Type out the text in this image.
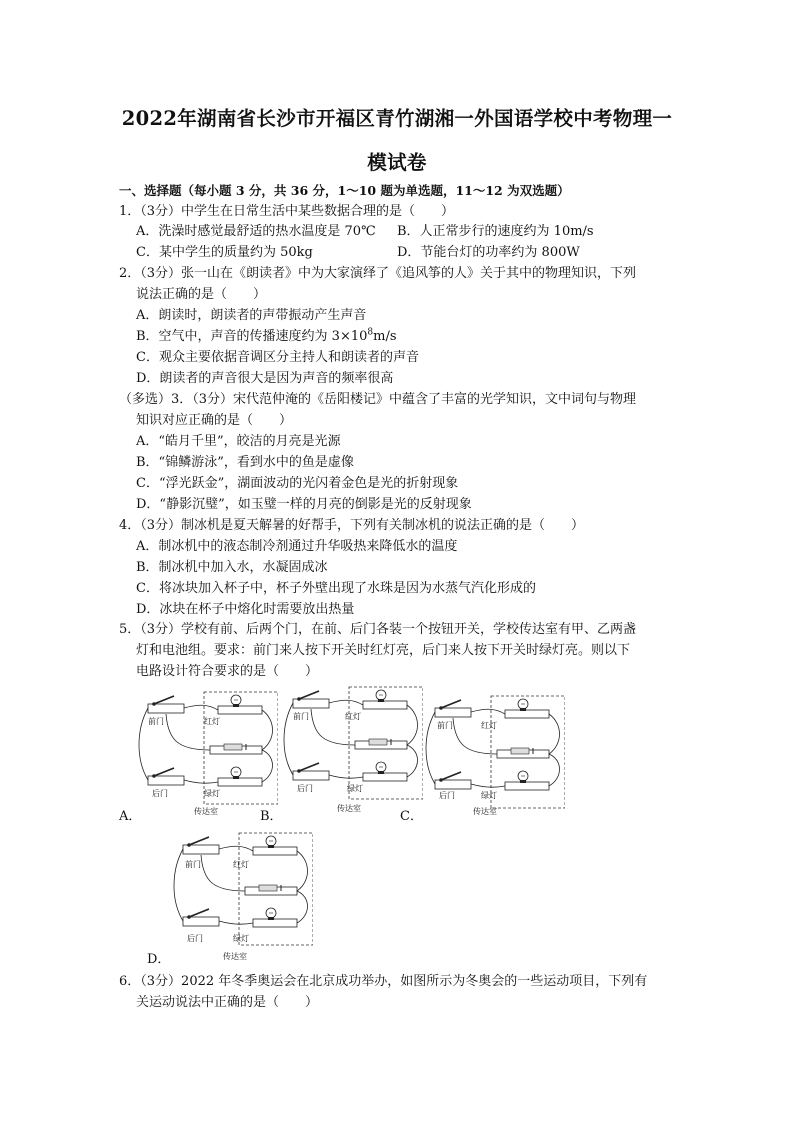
2022年湖南省长沙市开福区青竹湖湘一外国语学校中考物理一
模试卷
一、选择题（每小题 3 分，共 36 分，1～10 题为单选题，11～12 为双选题）
1．（3分）中学生在日常生活中某些数据合理的是（　　）
A．洗澡时感觉最舒适的热水温度是 70℃ B．人正常步行的速度约为 10m/s
C．某中学生的质量约为 50kg	D．节能台灯的功率约为 800W
2．（3分）张一山在《朗读者》中为大家演绎了《追风筝的人》关于其中的物理知识，下列
说法正确的是（　　）
A．朗读时，朗读者的声带振动产生声音
B．空气中，声音的传播速度约为 $3\times 10^8m/s$
C．观众主要依据音调区分主持人和朗读者的声音
D．朗读者的声音很大是因为声音的频率很高
（多选）3．（3分）宋代范仲淹的《岳阳楼记》中蕴含了丰富的光学知识，文中词句与物理
知识对应正确的是（　　）
A．“皓月千里”，皎洁的月亮是光源
B．“锦鳞游泳”，看到水中的鱼是虚像
C．“浮光跃金”，湖面波动的光闪着金色是光的折射现象
D．“静影沉璧”，如玉璧一样的月亮的倒影是光的反射现象
4．（3分）制冰机是夏天解暑的好帮手，下列有关制冰机的说法正确的是（　　）
A．制冰机中的液态制冷剂通过升华吸热来降低水的温度
B．制冰机中加入水，水凝固成冰
C．将冰块加入杯子中，杯子外壁出现了水珠是因为水蒸气汽化形成的
D．冰块在杯子中熔化时需要放出热量
5．（3分）学校有前、后两个门，在前、后门各装一个按钮开关，学校传达室有甲、乙两盏
灯和电池组。要求：前门来人按下开关时红灯亮，后门来人按下开关时绿灯亮。则以下
电路设计符合要求的是（　　）
前门	红灯
后门	绿灯
传达室
A．
前门	红灯
后门	绿灯
传达室
B．
前门	红灯
后门	绿灯
传达室
C．
前门	红灯
后门	绿灯
传达室
D．
6．（3分）2022 年冬季奥运会在北京成功举办，如图所示为冬奥会的一些运动项目，下列有
关运动说法中正确的是（　　）
